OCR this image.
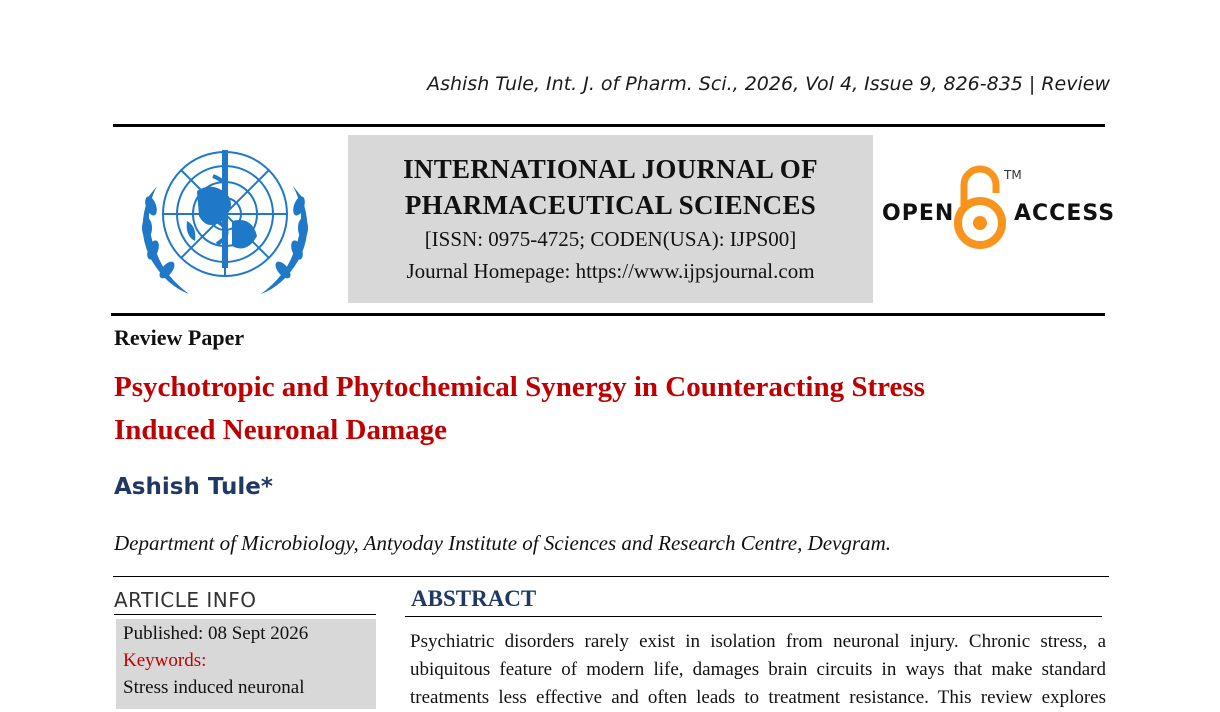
Ashish Tule, Int. J. of Pharm. Sci., 2026, Vol 4, Issue 9, 826-835 | Review
INTERNATIONAL JOURNAL OF
PHARMACEUTICAL SCIENCES
[ISSN: 0975-4725; CODEN(USA): IJPS00]
Journal Homepage: https://www.ijpsjournal.com
OPEN
TM
ACCESS
Review Paper
Psychotropic and Phytochemical Synergy in Counteracting Stress
Induced Neuronal Damage
Ashish Tule*
Department of Microbiology, Antyoday Institute of Sciences and Research Centre, Devgram.
ARTICLE INFO
Published: 08 Sept 2026
Keywords:
Stress induced neuronal
ABSTRACT
Psychiatric disorders rarely exist in isolation from neuronal injury. Chronic stress, a
ubiquitous feature of modern life, damages brain circuits in ways that make standard
treatments less effective and often leads to treatment resistance. This review explores
